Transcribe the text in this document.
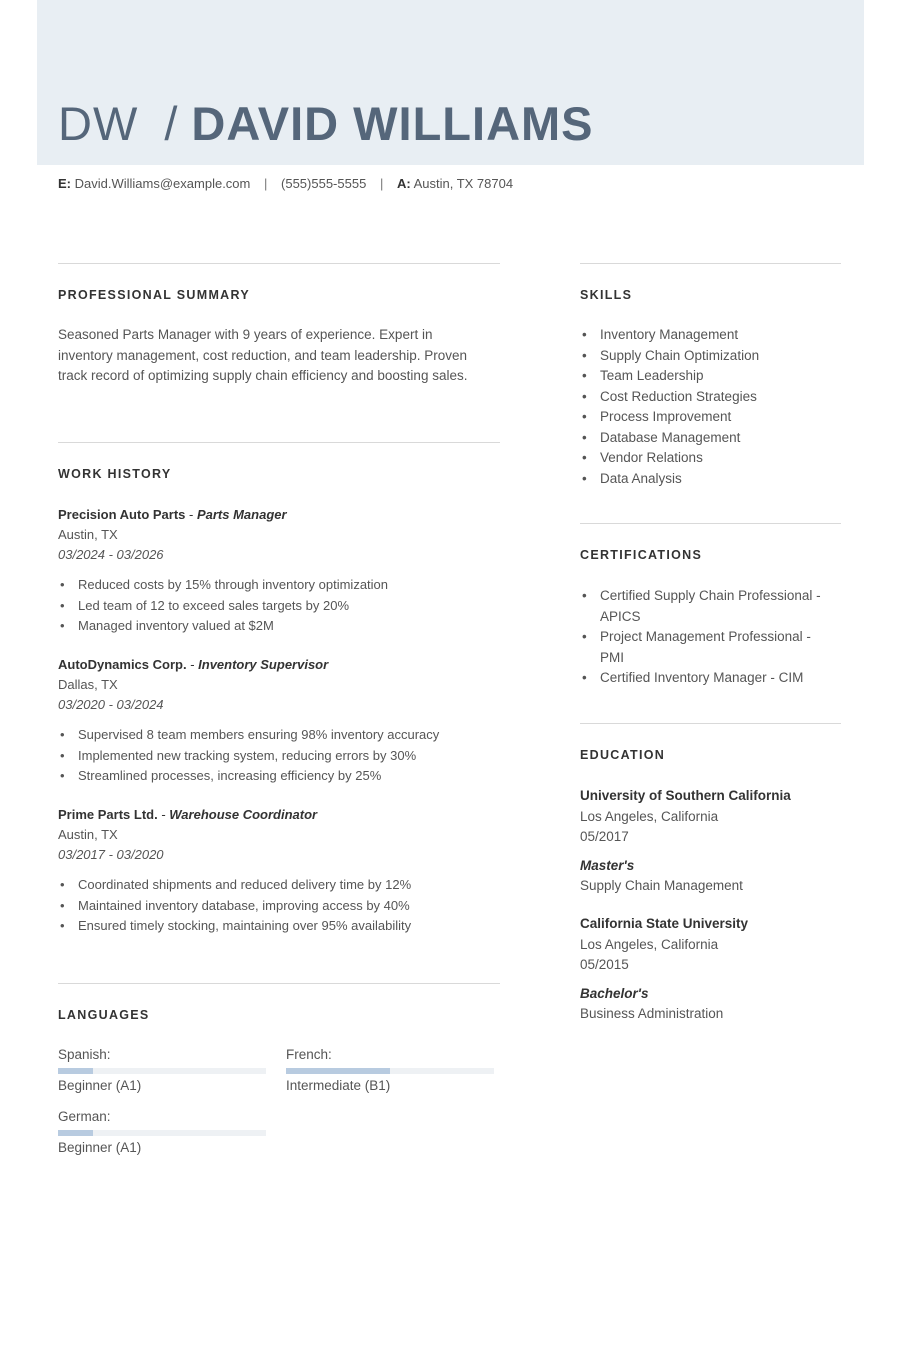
DW / DAVID WILLIAMS
E: David.Williams@example.com | (555)555-5555 | A: Austin, TX 78704
PROFESSIONAL SUMMARY
Seasoned Parts Manager with 9 years of experience. Expert in inventory management, cost reduction, and team leadership. Proven track record of optimizing supply chain efficiency and boosting sales.
WORK HISTORY
Precision Auto Parts - Parts Manager
Austin, TX
03/2024 - 03/2026
• Reduced costs by 15% through inventory optimization
• Led team of 12 to exceed sales targets by 20%
• Managed inventory valued at $2M
AutoDynamics Corp. - Inventory Supervisor
Dallas, TX
03/2020 - 03/2024
• Supervised 8 team members ensuring 98% inventory accuracy
• Implemented new tracking system, reducing errors by 30%
• Streamlined processes, increasing efficiency by 25%
Prime Parts Ltd. - Warehouse Coordinator
Austin, TX
03/2017 - 03/2020
• Coordinated shipments and reduced delivery time by 12%
• Maintained inventory database, improving access by 40%
• Ensured timely stocking, maintaining over 95% availability
LANGUAGES
Spanish:
Beginner (A1)
French:
Intermediate (B1)
German:
Beginner (A1)
SKILLS
• Inventory Management
• Supply Chain Optimization
• Team Leadership
• Cost Reduction Strategies
• Process Improvement
• Database Management
• Vendor Relations
• Data Analysis
CERTIFICATIONS
• Certified Supply Chain Professional - APICS
• Project Management Professional - PMI
• Certified Inventory Manager - CIM
EDUCATION
University of Southern California
Los Angeles, California
05/2017
Master's
Supply Chain Management
California State University
Los Angeles, California
05/2015
Bachelor's
Business Administration
